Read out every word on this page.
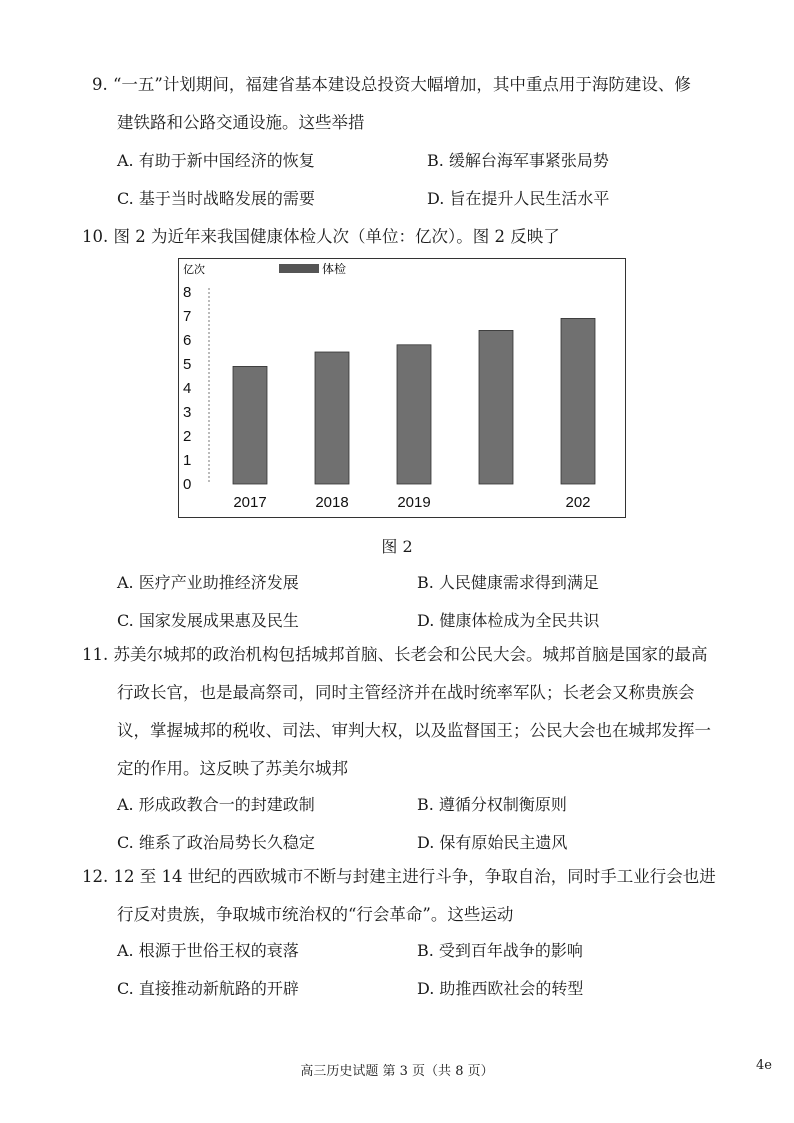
9. “一五”计划期间，福建省基本建设总投资大幅增加，其中重点用于海防建设、修
建铁路和公路交通设施。这些举措
A. 有助于新中国经济的恢复	B. 缓解台海军事紧张局势
C. 基于当时战略发展的需要	D. 旨在提升人民生活水平
10. 图 2 为近年来我国健康体检人次（单位：亿次）。图 2 反映了
亿次	体检
0
1
2
3
4
5
6
7
8
2017	2018	2019	202
图 2
A. 医疗产业助推经济发展	B. 人民健康需求得到满足
C. 国家发展成果惠及民生	D. 健康体检成为全民共识
11. 苏美尔城邦的政治机构包括城邦首脑、长老会和公民大会。城邦首脑是国家的最高
行政长官，也是最高祭司，同时主管经济并在战时统率军队；长老会又称贵族会
议，掌握城邦的税收、司法、审判大权，以及监督国王；公民大会也在城邦发挥一
定的作用。这反映了苏美尔城邦
A. 形成政教合一的封建政制	B. 遵循分权制衡原则
C. 维系了政治局势长久稳定	D. 保有原始民主遗风
12. 12 至 14 世纪的西欧城市不断与封建主进行斗争，争取自治，同时手工业行会也进
行反对贵族，争取城市统治权的“行会革命”。这些运动
A. 根源于世俗王权的衰落	B. 受到百年战争的影响
C. 直接推动新航路的开辟	D. 助推西欧社会的转型
高三历史试题 第 3 页（共 8 页）	4e
